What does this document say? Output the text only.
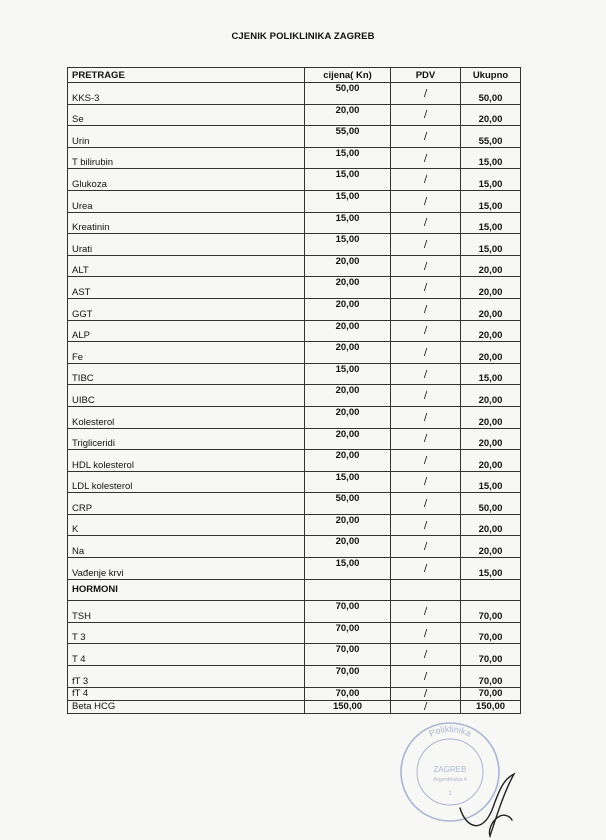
CJENIK POLIKLINIKA ZAGREB
PRETRAGE	cijena( Kn)	PDV	Ukupno
KKS-3	50,00	/	50,00
Se	20,00	/	20,00
Urin	55,00	/	55,00
T bilirubin	15,00	/	15,00
Glukoza	15,00	/	15,00
Urea	15,00	/	15,00
Kreatinin	15,00	/	15,00
Urati	15,00	/	15,00
ALT	20,00	/	20,00
AST	20,00	/	20,00
GGT	20,00	/	20,00
ALP	20,00	/	20,00
Fe	20,00	/	20,00
TIBC	15,00	/	15,00
UIBC	20,00	/	20,00
Kolesterol	20,00	/	20,00
Trigliceridi	20,00	/	20,00
HDL kolesterol	20,00	/	20,00
LDL kolesterol	15,00	/	15,00
CRP	50,00	/	50,00
K	20,00	/	20,00
Na	20,00	/	20,00
Vađenje krvi	15,00	/	15,00
HORMONI			
TSH	70,00	/	70,00
T 3	70,00	/	70,00
T 4	70,00	/	70,00
fT 3	70,00	/	70,00
fT 4	70,00	/	70,00
Beta HCG	150,00	/	150,00
Poliklinika
ZAGREB
Argentinska 4
1
